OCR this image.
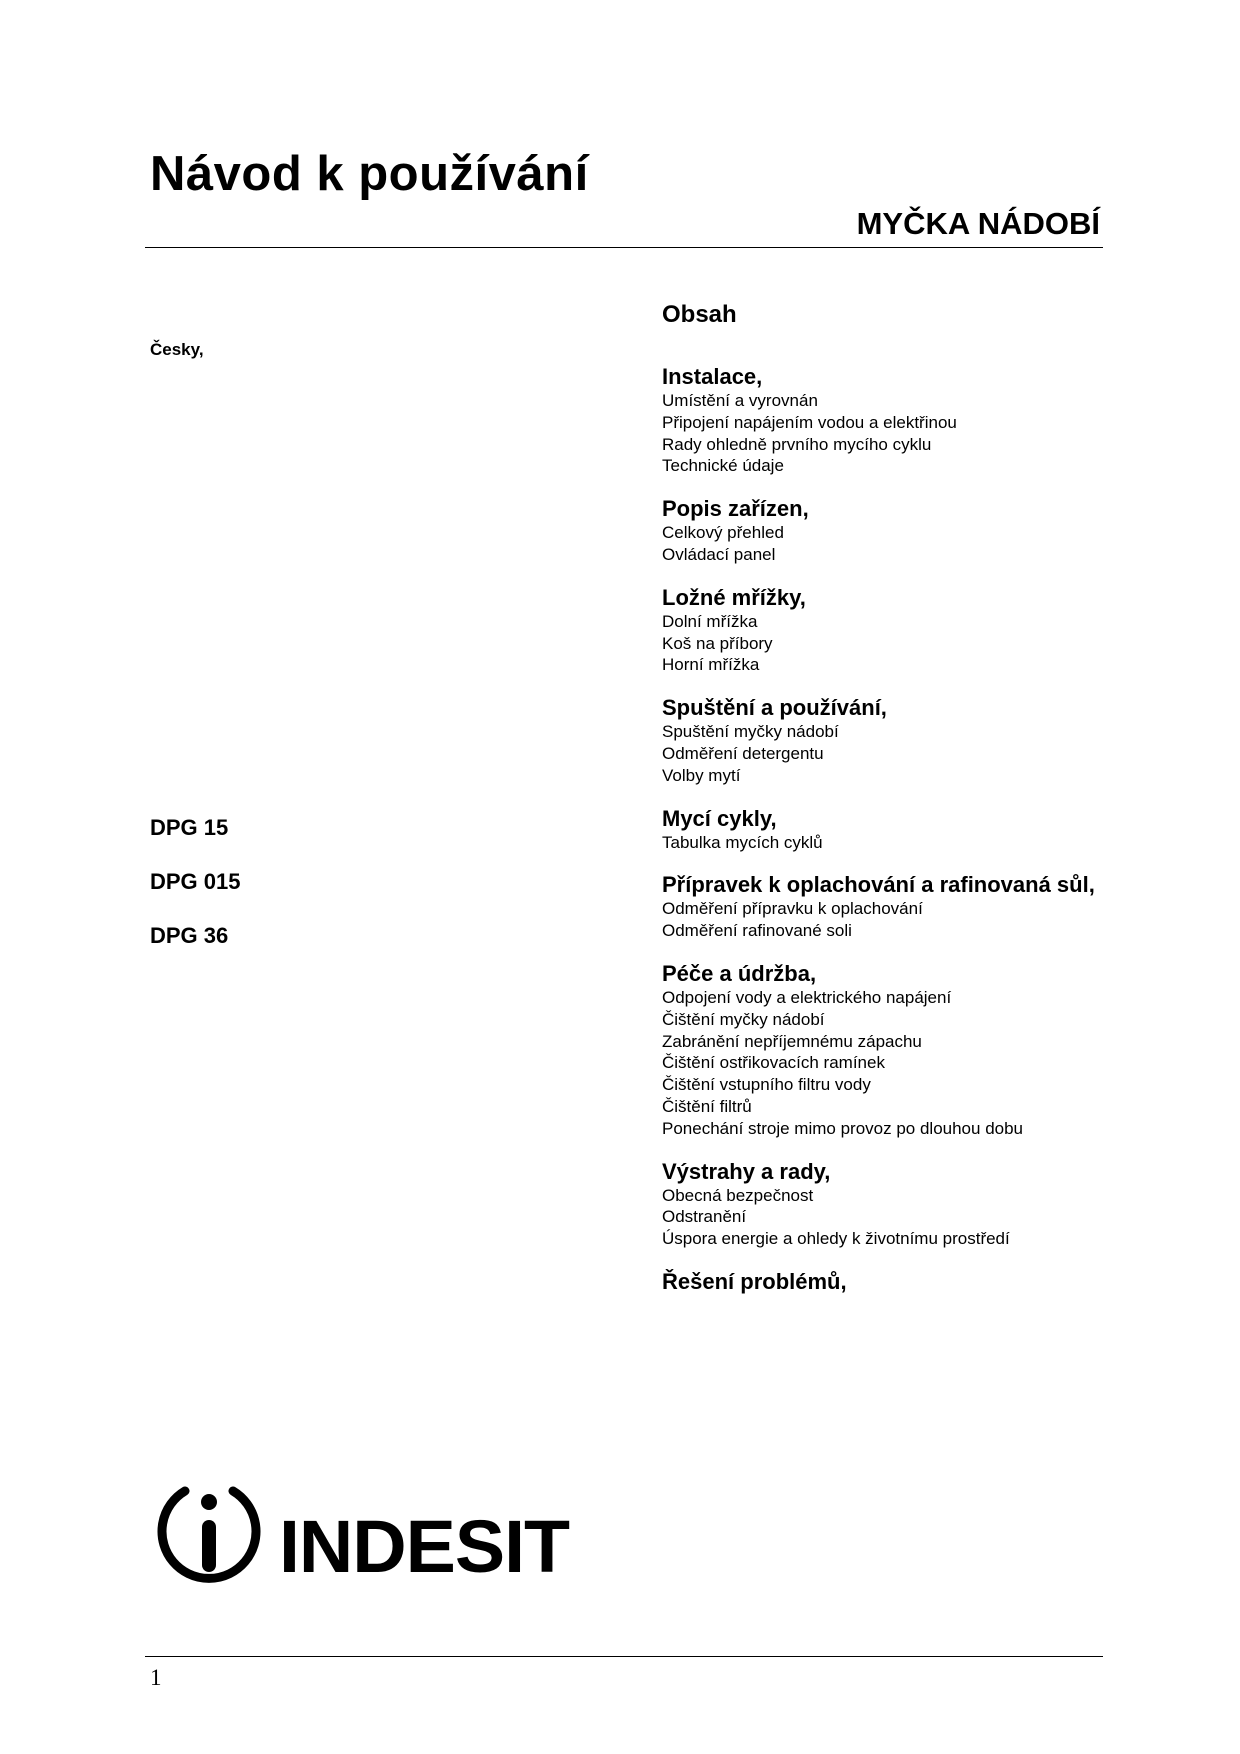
Návod k používání
MYČKA NÁDOBÍ
Česky,
DPG 15
DPG 015
DPG 36
Obsah
Instalace,
Umístění a vyrovnán
Připojení napájením vodou a elektřinou
Rady ohledně prvního mycího cyklu
Technické údaje
Popis zařízen,
Celkový přehled
Ovládací panel
Ložné mřížky,
Dolní mřížka
Koš na příbory
Horní mřížka
Spuštění a používání,
Spuštění myčky nádobí
Odměření detergentu
Volby mytí
Mycí cykly,
Tabulka mycích cyklů
Přípravek k oplachování a rafinovaná sůl,
Odměření přípravku k oplachování
Odměření rafinované soli
Péče a údržba,
Odpojení vody a elektrického napájení
Čištění myčky nádobí
Zabránění nepříjemnému zápachu
Čištění ostřikovacích ramínek
Čištění vstupního filtru vody
Čištění filtrů
Ponechání stroje mimo provoz po dlouhou dobu
Výstrahy a rady,
Obecná bezpečnost
Odstranění
Úspora energie a ohledy k životnímu prostředí
Řešení problémů,
INDESIT
1
